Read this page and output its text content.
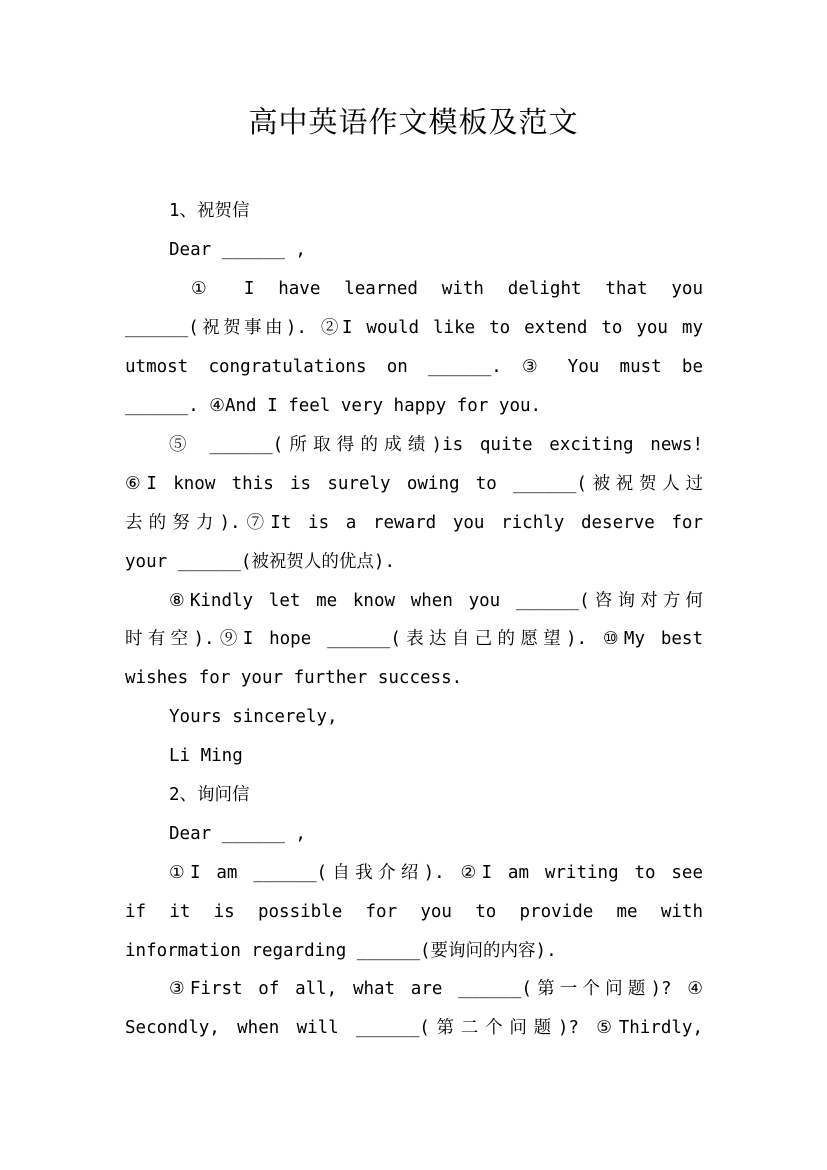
高中英语作文模板及范文
1、祝贺信
Dear ______ ,
① I have learned with delight that you
______(祝贺事由). ②I would like to extend to you my
utmost congratulations on ______. ③ You must be
______. ④And I feel very happy for you.
⑤ ______(所取得的成绩)is quite exciting news!
⑥I know this is surely owing to ______(被祝贺人过
去的努力).⑦It is a reward you richly deserve for
your ______(被祝贺人的优点).
⑧Kindly let me know when you ______(咨询对方何
时有空).⑨I hope ______(表达自己的愿望). ⑩My best
wishes for your further success.
Yours sincerely,
Li Ming
2、询问信
Dear ______ ,
①I am ______(自我介绍). ②I am writing to see
if it is possible for you to provide me with
information regarding ______(要询问的内容).
③First of all, what are ______(第一个问题)? ④
Secondly, when will ______(第二个问题)? ⑤Thirdly,
